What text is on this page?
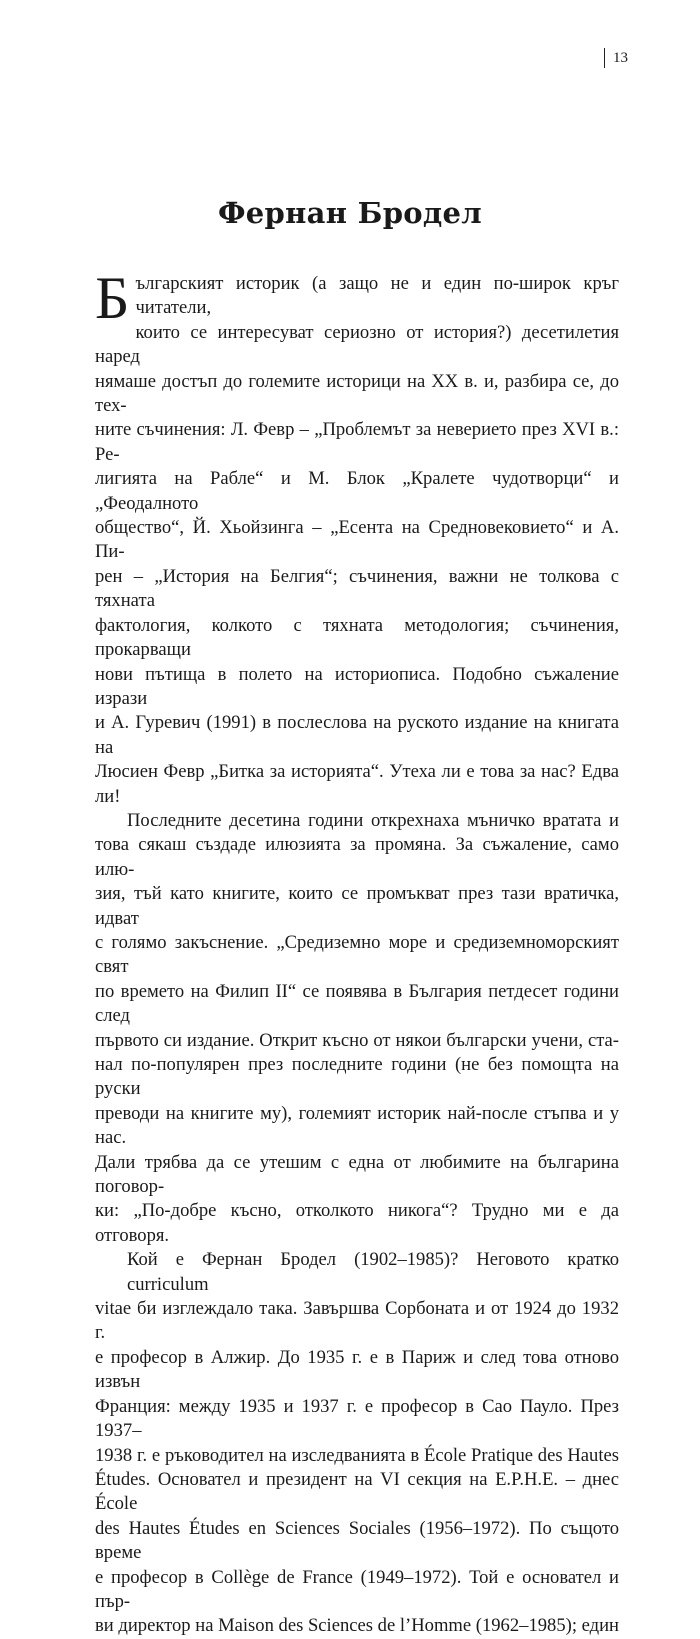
13
Фернан Бродел

Б ългарският историк (а защо не и един по-широк кръг читатели,
които се интересуват сериозно от история?) десетилетия наред
нямаше достъп до големите историци на XX в. и, разбира се, до тех-
ните съчинения: Л. Февр – „Проблемът за неверието през XVI в.: Ре-
лигията на Рабле“ и М. Блок „Кралете чудотворци“ и „Феодалното
общество“, Й. Хьойзинга – „Есента на Средновековието“ и А. Пи-
рен – „История на Белгия“; съчинения, важни не толкова с тяхната
фактология, колкото с тяхната методология; съчинения, прокарващи
нови пътища в полето на историописа. Подобно съжаление изрази
и А. Гуревич (1991) в послесловa на руското издание на книгата на
Люсиен Февр „Битка за историята“. Утеха ли е това за нас? Едва ли!

Последните десетина години открехнаха мъничко вратата и
това сякаш създаде илюзията за промяна. За съжаление, само илю-
зия, тъй като книгите, които се промъкват през тази вратичка, идват
с голямо закъснение. „Средиземно море и средиземноморският свят
по времето на Филип II“ се появява в България петдесет години след
първото си издание. Открит късно от някои български учени, ста-
нал по-популярен през последните години (не без помощта на руски
преводи на книгите му), големият историк най-после стъпва и у нас.
Дали трябва да се утешим с една от любимите на българина поговор-
ки: „По-добре късно, отколкото никога“? Трудно ми е да отговоря.

Кой е Фернан Бродел (1902–1985)? Неговото кратко curriculum
vitae би изглеждало така. Завършва Сорбоната и от 1924 до 1932 г.
е професор в Алжир. До 1935 г. е в Париж и след това отново извън
Франция: между 1935 и 1937 г. е професор в Сао Пауло. През 1937–
1938 г. е ръководител на изследванията в École Pratique des Hautes
Études. Основател и президент на VI секция на E.P.H.E. – днес École
des Hautes Études en Sciences Sociales (1956–1972). По същото време
е професор в Collège de France (1949–1972). Той е основател и пър-
ви директор на Maison des Sciences de l’Homme (1962–1985); един
